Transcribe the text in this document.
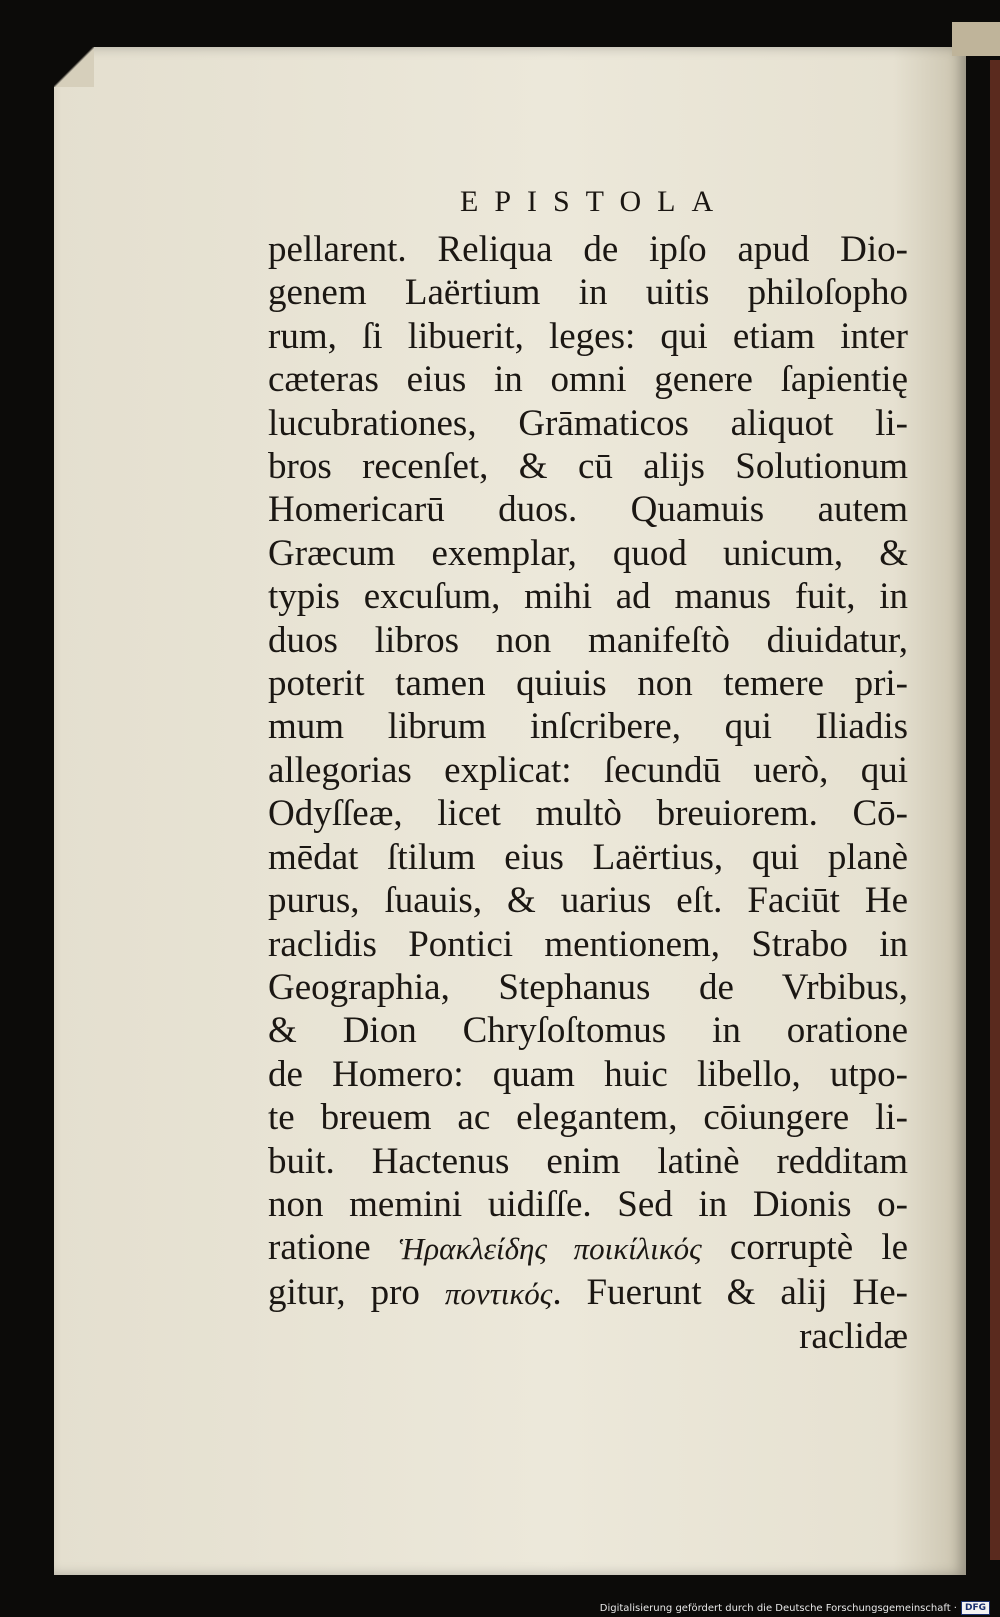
EPISTOLA
pellarent. Reliqua de ipſo apud Dio-
genem Laërtium in uitis philoſopho
rum, ſi libuerit, leges: qui etiam inter
cæteras eius in omni genere ſapientię
lucubrationes, Grāmaticos aliquot li-
bros recenſet, & cū alijs Solutionum
Homericarū duos. Quamuis autem
Græcum exemplar, quod unicum, &
typis excuſum, mihi ad manus fuit, in
duos libros non manifeſtò diuidatur,
poterit tamen quiuis non temere pri-
mum librum inſcribere, qui Iliadis
allegorias explicat: ſecundū uerò, qui
Odyſſeæ, licet multò breuiorem. Cō-
mēdat ſtilum eius Laërtius, qui planè
purus, ſuauis, & uarius eſt. Faciūt He
raclidis Pontici mentionem, Strabo in
Geographia, Stephanus de Vrbibus,
& Dion Chryſoſtomus in oratione
de Homero: quam huic libello, utpo-
te breuem ac elegantem, cōiungere li-
buit. Hactenus enim latinè redditam
non memini uidiſſe. Sed in Dionis o-
ratione Ἡρακλείδης ποικίλικός corruptè le
gitur, pro ποντικός. Fuerunt & alij He-
raclidæ
Digitalisierung gefördert durch die Deutsche Forschungsgemeinschaft · DFG
